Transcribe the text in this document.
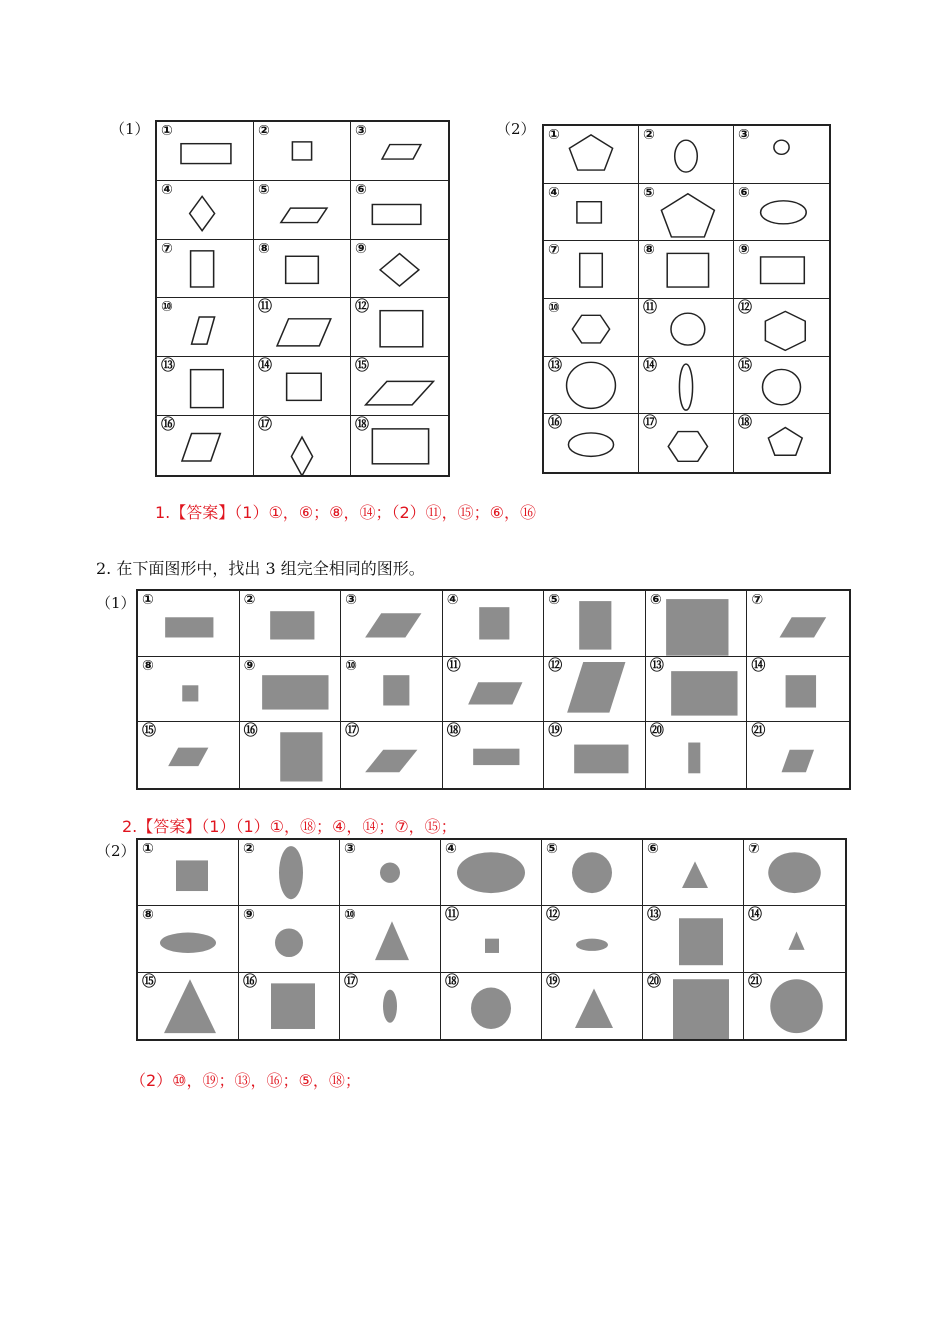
（1）	（2）
①	②	③
④	⑤	⑥
⑦	⑧	⑨
⑩	⑪	⑫
⑬	⑭	⑮
⑯	⑰	⑱
①	②	③
④	⑤	⑥
⑦	⑧	⑨
⑩	⑪	⑫
⑬	⑭	⑮
⑯	⑰	⑱
1.【答案】（1）①，⑥；⑧，⑭；（2）⑪，⑮；⑥，⑯
2. 在下面图形中，找出 3 组完全相同的图形。
（1） ①	②	③	④	⑤	⑥	⑦
⑧	⑨	⑩	⑪	⑫	⑬	⑭
⑮	⑯	⑰	⑱	⑲	⑳	㉑
2.【答案】（1）（1）①，⑱；④，⑭；⑦，⑮；
（2） ①	②	③	④	⑤	⑥	⑦
⑧	⑨	⑩	⑪	⑫	⑬	⑭
⑮	⑯	⑰	⑱	⑲	⑳	㉑
（2）⑩，⑲；⑬，⑯；⑤，⑱；
